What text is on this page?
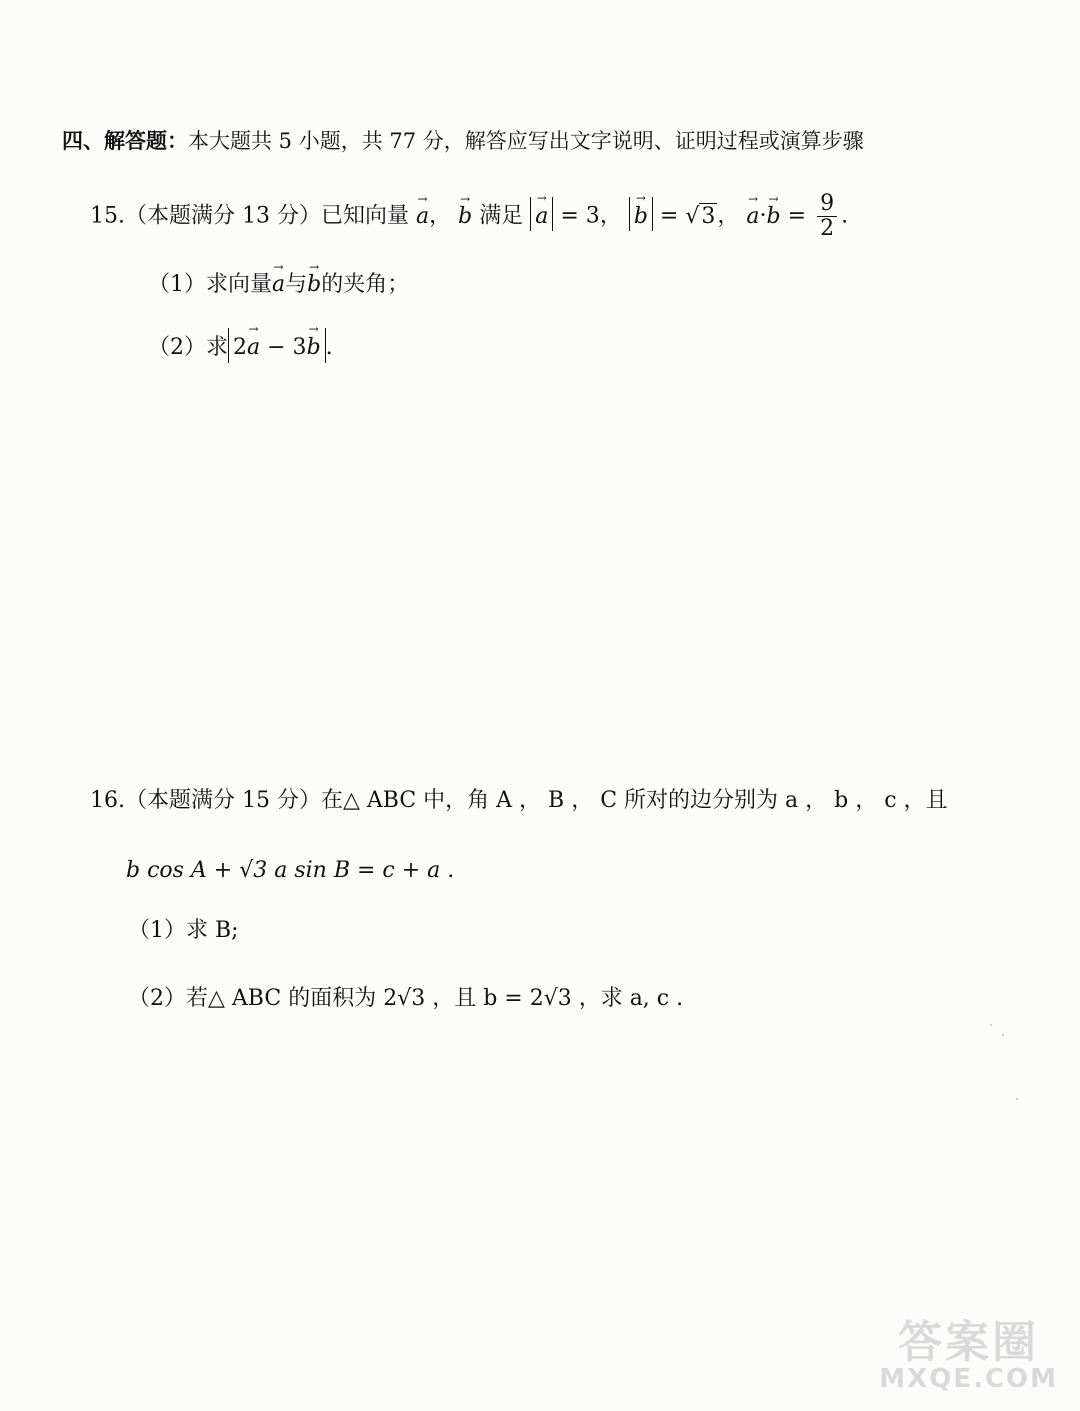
四、解答题：本大题共 5 小题，共 77 分，解答应写出文字说明、证明过程或演算步骤
15.（本题满分 13 分）已知向量 → a， → b 满足 → a = 3， → b = √3， → $a\cdot\to b = \frac{9}{2}$ .
（1）求向量→ a与→ b的夹角；
（2）求 2→ a − 3→ b .
16.（本题满分 15 分）在△ ABC 中，角 A ， B ， C 所对的边分别为 a ， b ， c ，且
b cos A + √3 a sin B = c + a .
（1）求 B;
（2）若△ ABC 的面积为 2√3 ，且 b = 2√3 ，求 a, c .
答案圈
MXQE.COM
